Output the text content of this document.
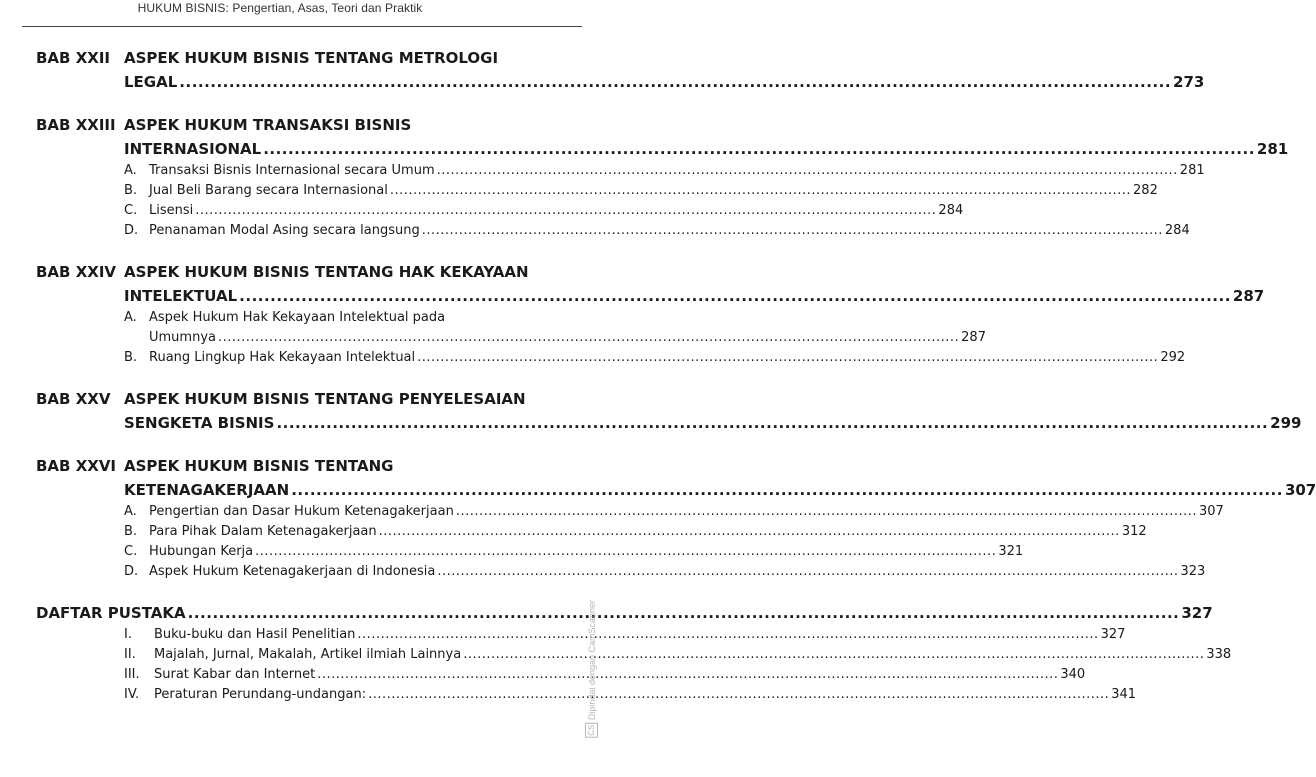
HUKUM BISNIS: Pengertian, Asas, Teori dan Praktik
BAB XXII ASPEK HUKUM BISNIS TENTANG METROLOGI
LEGAL .....	273
BAB XXIII ASPEK HUKUM TRANSAKSI BISNIS
INTERNASIONAL .....	281
A. Transaksi Bisnis Internasional secara Umum .....	281
B. Jual Beli Barang secara Internasional .....	282
C. Lisensi .....	284
D. Penanaman Modal Asing secara langsung .....	284
BAB XXIV ASPEK HUKUM BISNIS TENTANG HAK KEKAYAAN
INTELEKTUAL .....	287
A. Aspek Hukum Hak Kekayaan Intelektual pada
Umumnya .....	287
B. Ruang Lingkup Hak Kekayaan Intelektual .....	292
BAB XXV ASPEK HUKUM BISNIS TENTANG PENYELESAIAN
SENGKETA BISNIS .....	299
BAB XXVI ASPEK HUKUM BISNIS TENTANG
KETENAGAKERJAAN .....	307
A. Pengertian dan Dasar Hukum Ketenagakerjaan .....	307
B. Para Pihak Dalam Ketenagakerjaan .....	312
C. Hubungan Kerja .....	321
D. Aspek Hukum Ketenagakerjaan di Indonesia .....	323
DAFTAR PUSTAKA .....	327
I.	Buku-buku dan Hasil Penelitian .....	327
II.	Majalah, Jurnal, Makalah, Artikel ilmiah Lainnya .....	338
III.	Surat Kabar dan Internet .....	340
IV.	Peraturan Perundang-undangan: .....	341
CS Dipindai dengan CamScanner
